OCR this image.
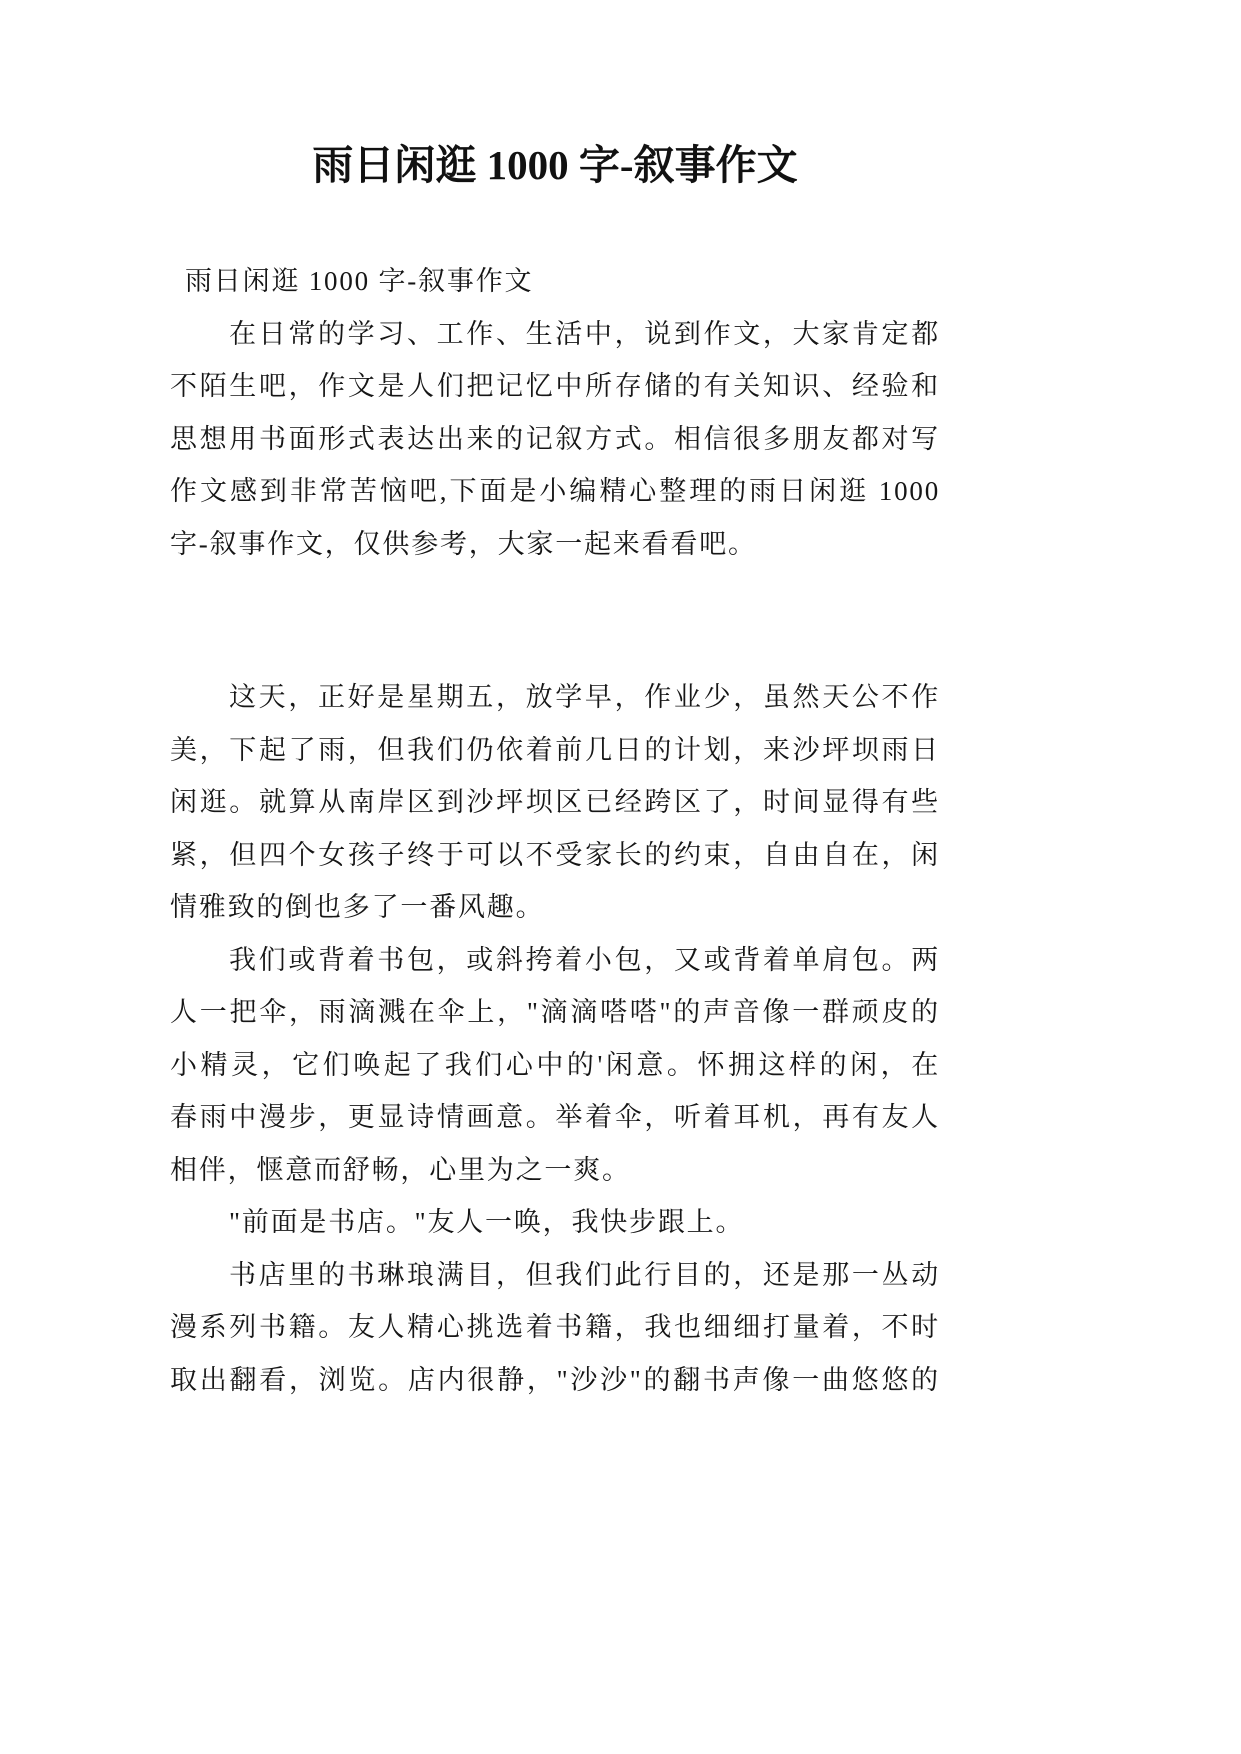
雨日闲逛 1000 字-叙事作文
雨日闲逛 1000 字-叙事作文
在日常的学习、工作、生活中，说到作文，大家肯定都
不陌生吧，作文是人们把记忆中所存储的有关知识、经验和
思想用书面形式表达出来的记叙方式。相信很多朋友都对写
作文感到非常苦恼吧,下面是小编精心整理的雨日闲逛 1000
字-叙事作文，仅供参考，大家一起来看看吧。
这天，正好是星期五，放学早，作业少，虽然天公不作
美，下起了雨，但我们仍依着前几日的计划，来沙坪坝雨日
闲逛。就算从南岸区到沙坪坝区已经跨区了，时间显得有些
紧，但四个女孩子终于可以不受家长的约束，自由自在，闲
情雅致的倒也多了一番风趣。
我们或背着书包，或斜挎着小包，又或背着单肩包。两
人一把伞，雨滴溅在伞上，"滴滴嗒嗒"的声音像一群顽皮的
小精灵，它们唤起了我们心中的'闲意。怀拥这样的闲，在
春雨中漫步，更显诗情画意。举着伞，听着耳机，再有友人
相伴，惬意而舒畅，心里为之一爽。
"前面是书店。"友人一唤，我快步跟上。
书店里的书琳琅满目，但我们此行目的，还是那一丛动
漫系列书籍。友人精心挑选着书籍，我也细细打量着，不时
取出翻看，浏览。店内很静，"沙沙"的翻书声像一曲悠悠的
